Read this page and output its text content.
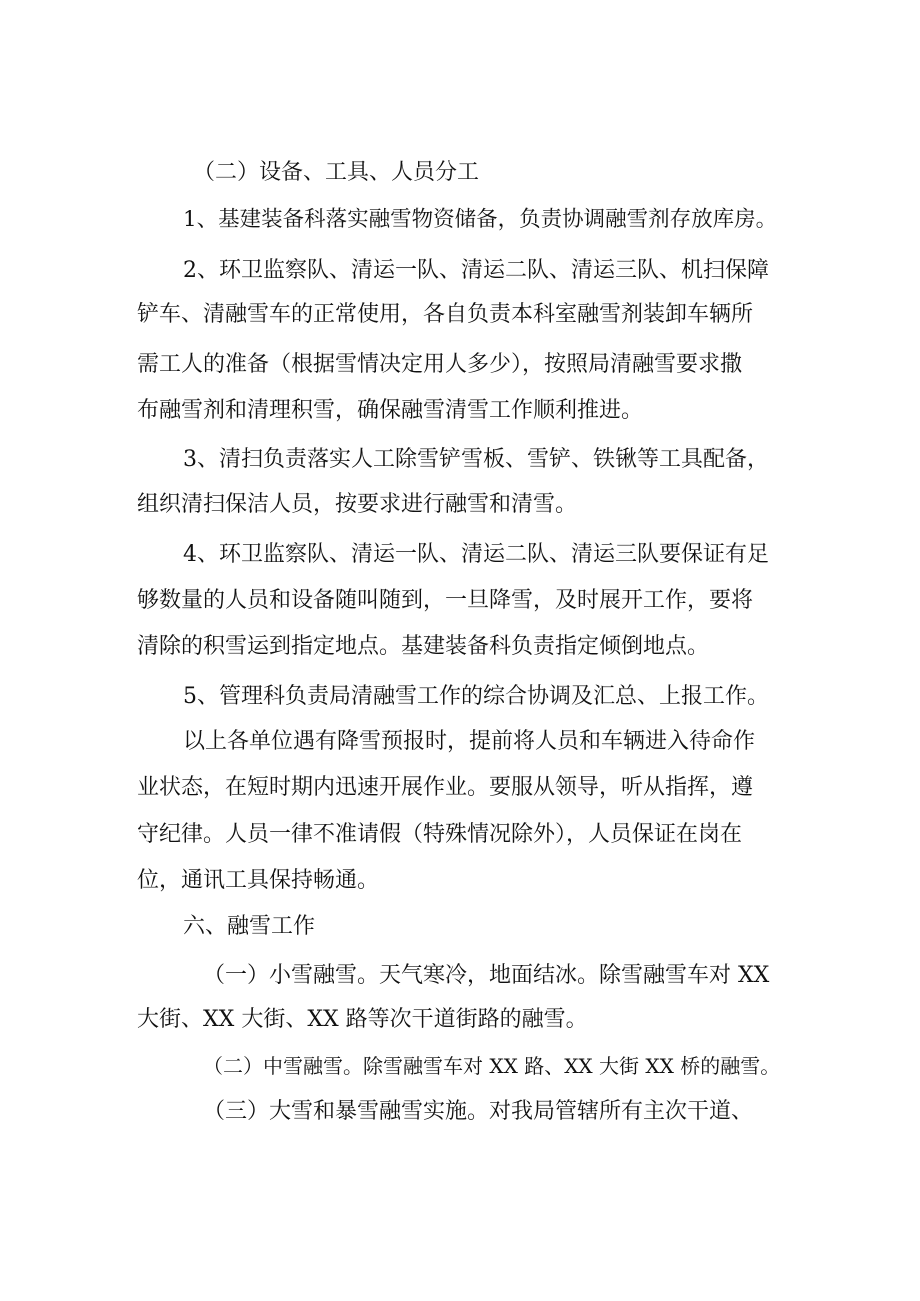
（二）设备、工具、人员分工
1、基建装备科落实融雪物资储备，负责协调融雪剂存放库房。
2、环卫监察队、清运一队、清运二队、清运三队、机扫保障
铲车、清融雪车的正常使用，各自负责本科室融雪剂装卸车辆所
需工人的准备（根据雪情决定用人多少），按照局清融雪要求撒
布融雪剂和清理积雪，确保融雪清雪工作顺利推进。
3、清扫负责落实人工除雪铲雪板、雪铲、铁锹等工具配备，
组织清扫保洁人员，按要求进行融雪和清雪。
4、环卫监察队、清运一队、清运二队、清运三队要保证有足
够数量的人员和设备随叫随到，一旦降雪，及时展开工作，要将
清除的积雪运到指定地点。基建装备科负责指定倾倒地点。
5、管理科负责局清融雪工作的综合协调及汇总、上报工作。
以上各单位遇有降雪预报时，提前将人员和车辆进入待命作
业状态，在短时期内迅速开展作业。要服从领导，听从指挥，遵
守纪律。人员一律不准请假（特殊情况除外），人员保证在岗在
位，通讯工具保持畅通。
六、融雪工作
（一）小雪融雪。天气寒冷，地面结冰。除雪融雪车对 XX
大街、XX 大街、XX 路等次干道街路的融雪。
（二）中雪融雪。除雪融雪车对 XX 路、XX 大街 XX 桥的融雪。
（三）大雪和暴雪融雪实施。对我局管辖所有主次干道、
